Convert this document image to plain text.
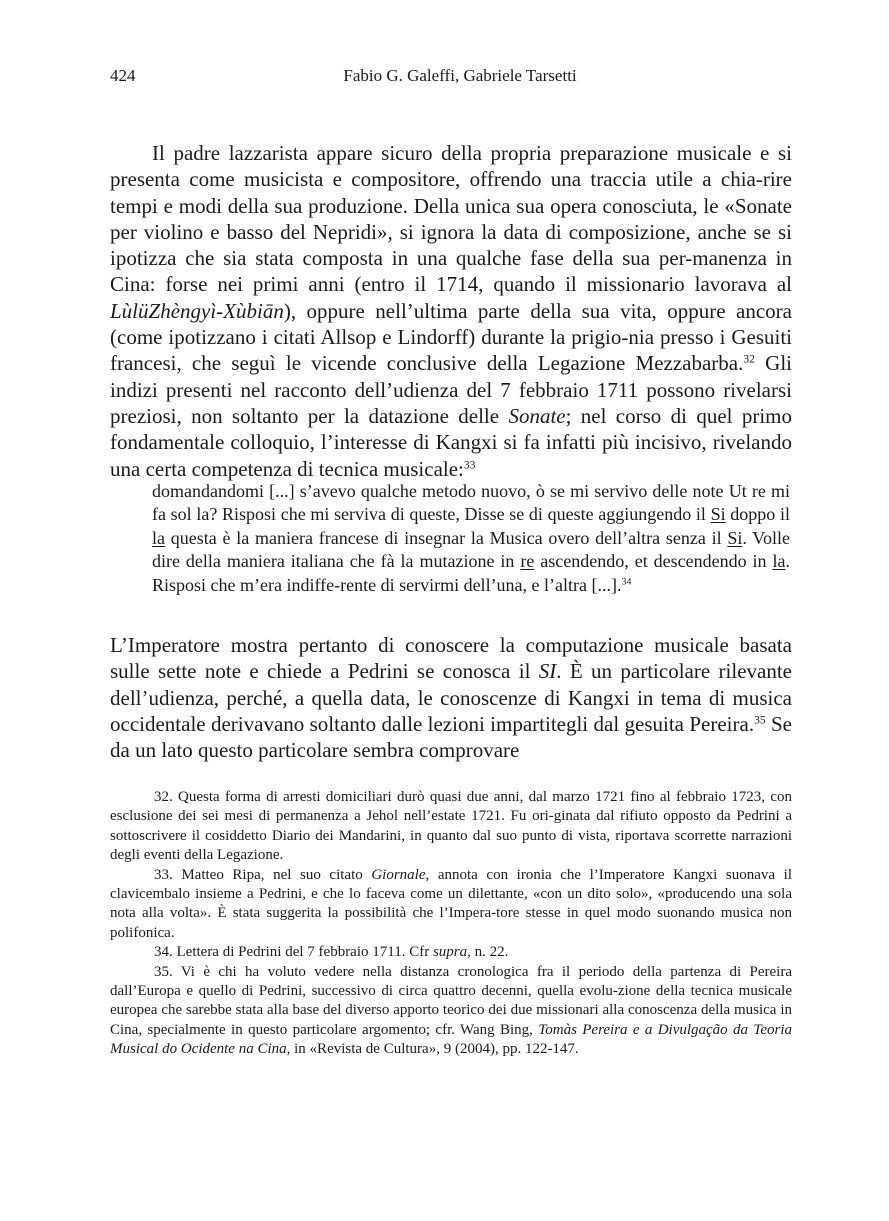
424	Fabio G. Galeffi, Gabriele Tarsetti

Il padre lazzarista appare sicuro della propria preparazione musicale e si presenta come musicista e compositore, offrendo una traccia utile a chia-rire tempi e modi della sua produzione. Della unica sua opera conosciuta, le «Sonate per violino e basso del Nepridi», si ignora la data di composizione, anche se si ipotizza che sia stata composta in una qualche fase della sua per-manenza in Cina: forse nei primi anni (entro il 1714, quando il missionario lavorava al LùlüZhèngyì-Xùbiān), oppure nell’ultima parte della sua vita, oppure ancora (come ipotizzano i citati Allsop e Lindorff) durante la prigio-nia presso i Gesuiti francesi, che seguì le vicende conclusive della Legazione Mezzabarba.$^{32}$ Gli indizi presenti nel racconto dell’udienza del 7 febbraio 1711 possono rivelarsi preziosi, non soltanto per la datazione delle Sonate; nel corso di quel primo fondamentale colloquio, l’interesse di Kangxi si fa infatti più incisivo, rivelando una certa competenza di tecnica musicale:$^{33}$

domandandomi [...] s’avevo qualche metodo nuovo, ò se mi servivo delle note Ut re mi fa sol la? Risposi che mi serviva di queste, Disse se di queste aggiungendo il Si doppo il la questa è la maniera francese di insegnar la Musica overo dell’altra senza il Si. Volle dire della maniera italiana che fà la mutazione in re ascendendo, et descendendo in la. Risposi che m’era indiffe-rente di servirmi dell’una, e l’altra [...].$^{34}$

L’Imperatore mostra pertanto di conoscere la computazione musicale basata sulle sette note e chiede a Pedrini se conosca il SI. È un particolare rilevante dell’udienza, perché, a quella data, le conoscenze di Kangxi in tema di musica occidentale derivavano soltanto dalle lezioni impartitegli dal gesuita Pereira.$^{35}$ Se da un lato questo particolare sembra comprovare

32. Questa forma di arresti domiciliari durò quasi due anni, dal marzo 1721 fino al febbraio 1723, con esclusione dei sei mesi di permanenza a Jehol nell’estate 1721. Fu ori-ginata dal rifiuto opposto da Pedrini a sottoscrivere il cosiddetto Diario dei Mandarini, in quanto dal suo punto di vista, riportava scorrette narrazioni degli eventi della Legazione.

33. Matteo Ripa, nel suo citato Giornale, annota con ironia che l’Imperatore Kangxi suonava il clavicembalo insieme a Pedrini, e che lo faceva come un dilettante, «con un dito solo», «producendo una sola nota alla volta». È stata suggerita la possibilità che l’Impera-tore stesse in quel modo suonando musica non polifonica.

34. Lettera di Pedrini del 7 febbraio 1711. Cfr supra, n. 22.

35. Vi è chi ha voluto vedere nella distanza cronologica fra il periodo della partenza di Pereira dall’Europa e quello di Pedrini, successivo di circa quattro decenni, quella evolu-zione della tecnica musicale europea che sarebbe stata alla base del diverso apporto teorico dei due missionari alla conoscenza della musica in Cina, specialmente in questo particolare argomento; cfr. Wang Bing, Tomàs Pereira e a Divulgação da Teoria Musical do Ocidente na Cina, in «Revista de Cultura», 9 (2004), pp. 122-147.
